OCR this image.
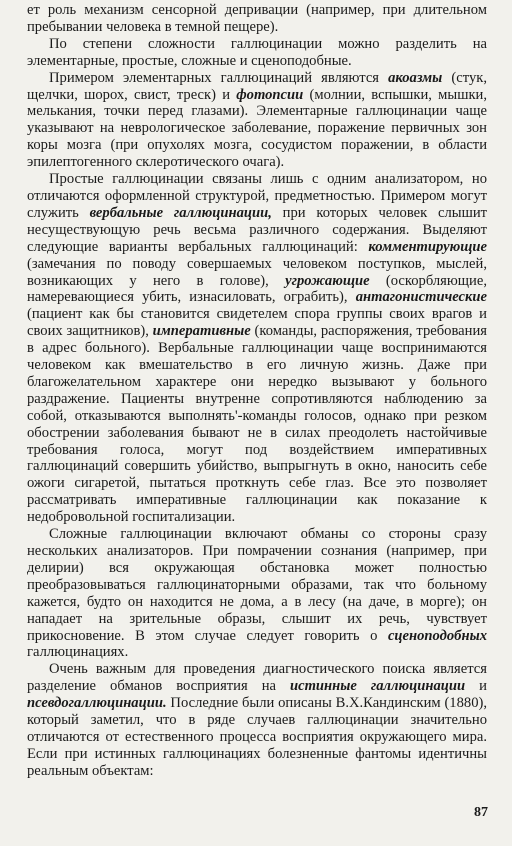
ет роль механизм сенсорной депривации (например, при длительном пребывании человека в темной пещере).

По степени сложности галлюцинации можно разделить на элементарные, простые, сложные и сценоподобные.

Примером элементарных галлюцинаций являются акоазмы (стук, щелчки, шорох, свист, треск) и фотопсии (молнии, вспышки, мышки, мелькания, точки перед глазами). Элементарные галлюцинации чаще указывают на неврологическое заболевание, поражение первичных зон коры мозга (при опухолях мозга, сосудистом поражении, в области эпилептогенного склеротического очага).

Простые галлюцинации связаны лишь с одним анализатором, но отличаются оформленной структурой, предметностью. Примером могут служить вербальные галлюцинации, при которых человек слышит несуществующую речь весьма различного содержания. Выделяют следующие варианты вербальных галлюцинаций: комментирующие (замечания по поводу совершаемых человеком поступков, мыслей, возникающих у него в голове), угрожающие (оскорбляющие, намеревающиеся убить, изнасиловать, ограбить), антагонистические (пациент как бы становится свидетелем спора группы своих врагов и своих защитников), императивные (команды, распоряжения, требования в адрес больного). Вербальные галлюцинации чаще воспринимаются человеком как вмешательство в его личную жизнь. Даже при благожелательном характере они нередко вызывают у больного раздражение. Пациенты внутренне сопротивляются наблюдению за собой, отказываются выполнять'-команды голосов, однако при резком обострении заболевания бывают не в силах преодолеть настойчивые требования голоса, могут под воздействием императивных галлюцинаций совершить убийство, выпрыгнуть в окно, наносить себе ожоги сигаретой, пытаться проткнуть себе глаз. Все это позволяет рассматривать императивные галлюцинации как показание к недобровольной госпитализации.

Сложные галлюцинации включают обманы со стороны сразу нескольких анализаторов. При помрачении сознания (например, при делирии) вся окружающая обстановка может полностью преобразовываться галлюцинаторными образами, так что больному кажется, будто он находится не дома, а в лесу (на даче, в морге); он нападает на зрительные образы, слышит их речь, чувствует прикосновение. В этом случае следует говорить о сценоподобных галлюцинациях.

Очень важным для проведения диагностического поиска является разделение обманов восприятия на истинные галлюцинации и псевдогаллюцинации. Последние были описаны В.Х.Кандинским (1880), который заметил, что в ряде случаев галлюцинации значительно отличаются от естественного процесса восприятия окружающего мира. Если при истинных галлюцинациях болезненные фантомы идентичны реальным объектам:

87
